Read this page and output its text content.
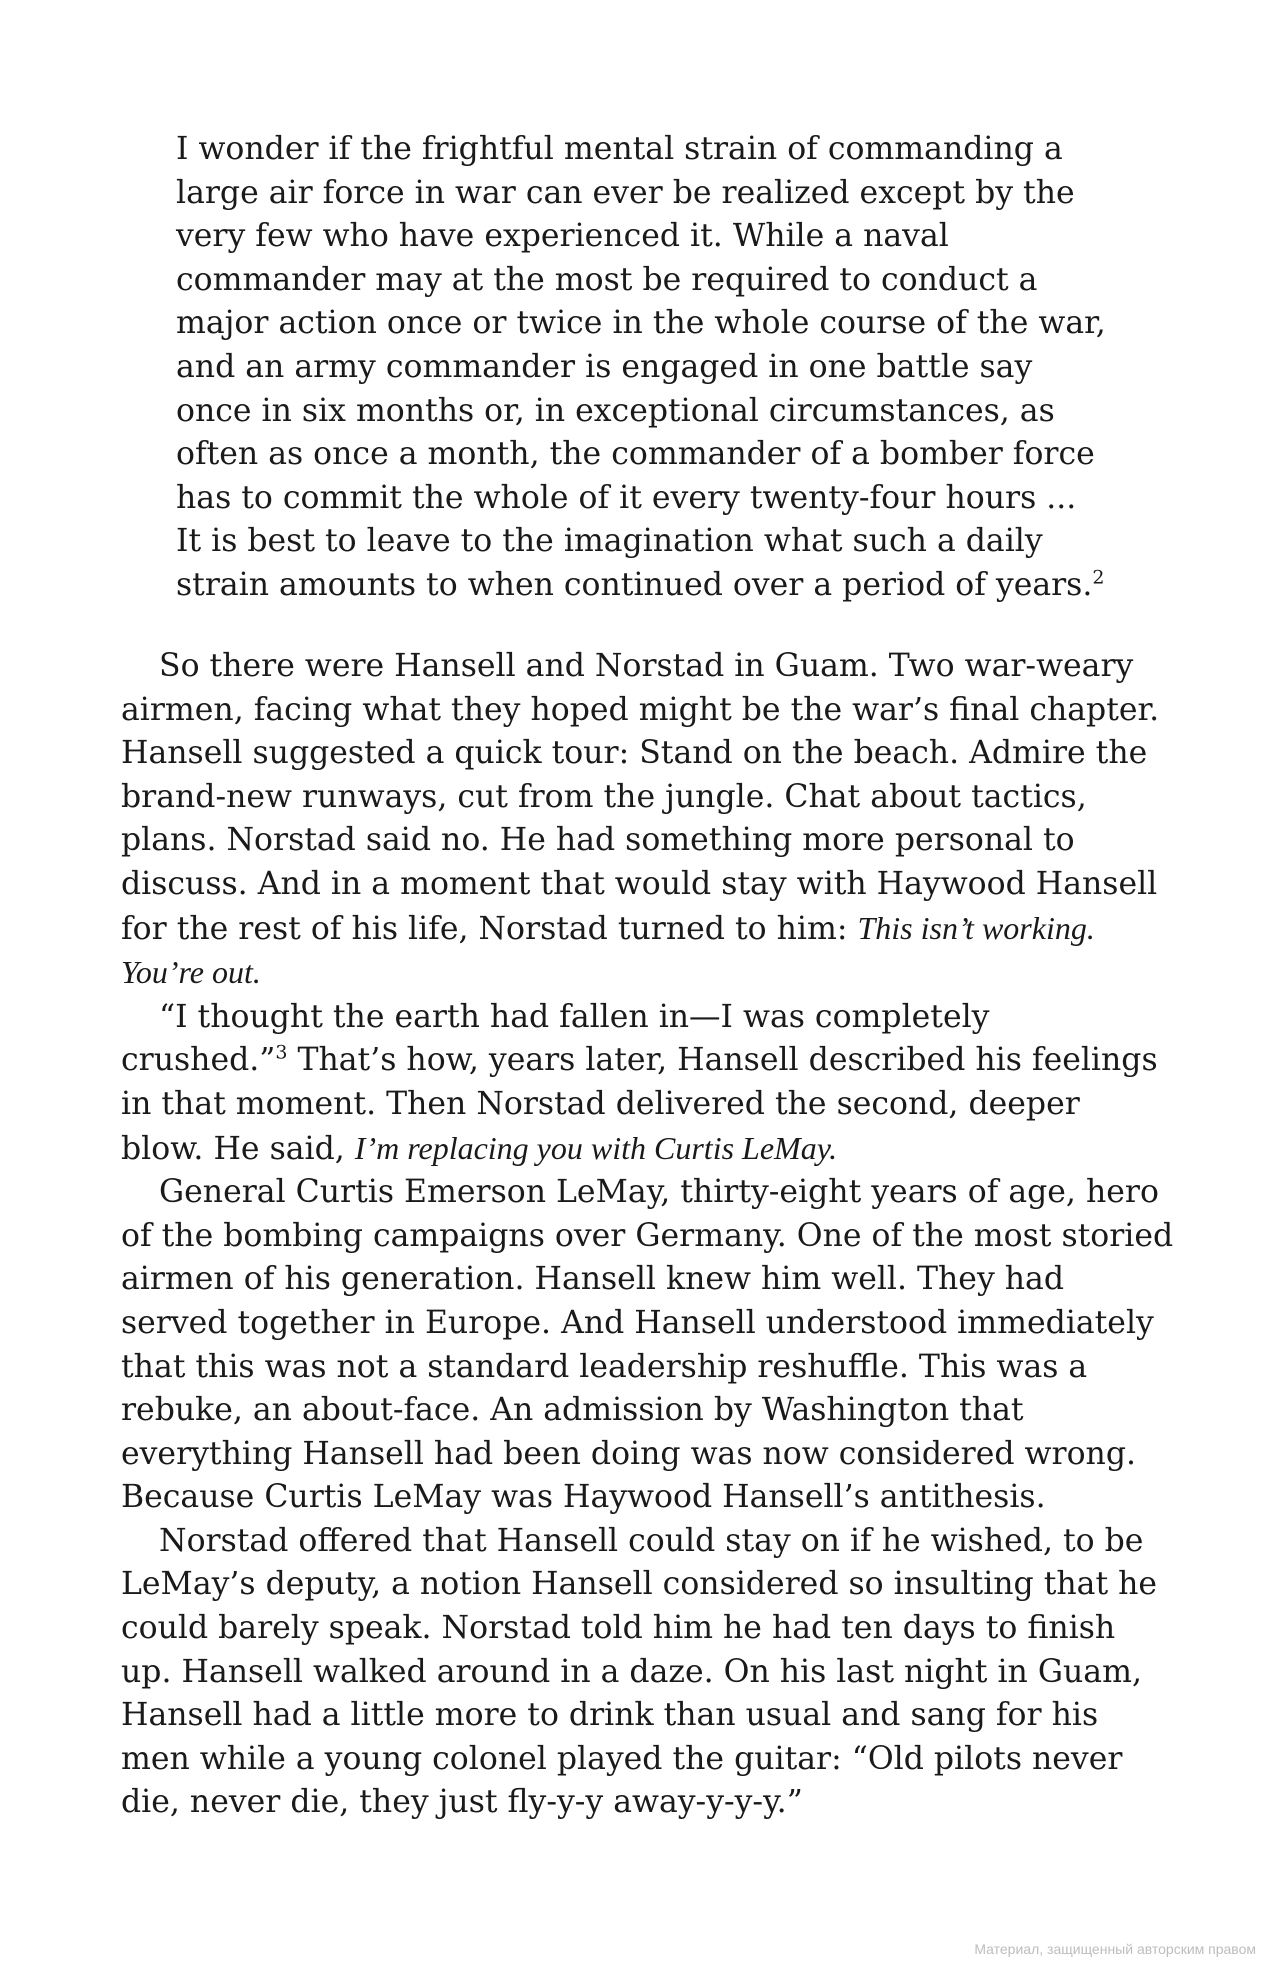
I wonder if the frightful mental strain of commanding a
large air force in war can ever be realized except by the
very few who have experienced it. While a naval
commander may at the most be required to conduct a
major action once or twice in the whole course of the war,
and an army commander is engaged in one battle say
once in six months or, in exceptional circumstances, as
often as once a month, the commander of a bomber force
has to commit the whole of it every twenty-four hours ...
It is best to leave to the imagination what such a daily
strain amounts to when continued over a period of years.$^2$
So there were Hansell and Norstad in Guam. Two war-weary
airmen, facing what they hoped might be the war’s final chapter.
Hansell suggested a quick tour: Stand on the beach. Admire the
brand-new runways, cut from the jungle. Chat about tactics,
plans. Norstad said no. He had something more personal to
discuss. And in a moment that would stay with Haywood Hansell
for the rest of his life, Norstad turned to him: This isn’t working.
You’re out.
“I thought the earth had fallen in—I was completely
crushed.”$^3$ That’s how, years later, Hansell described his feelings
in that moment. Then Norstad delivered the second, deeper
blow. He said, I’m replacing you with Curtis LeMay.
General Curtis Emerson LeMay, thirty-eight years of age, hero
of the bombing campaigns over Germany. One of the most storied
airmen of his generation. Hansell knew him well. They had
served together in Europe. And Hansell understood immediately
that this was not a standard leadership reshuffle. This was a
rebuke, an about-face. An admission by Washington that
everything Hansell had been doing was now considered wrong.
Because Curtis LeMay was Haywood Hansell’s antithesis.
Norstad offered that Hansell could stay on if he wished, to be
LeMay’s deputy, a notion Hansell considered so insulting that he
could barely speak. Norstad told him he had ten days to finish
up. Hansell walked around in a daze. On his last night in Guam,
Hansell had a little more to drink than usual and sang for his
men while a young colonel played the guitar: “Old pilots never
die, never die, they just fly-y-y away-y-y-y.”
Материал, защищенный авторским правом
